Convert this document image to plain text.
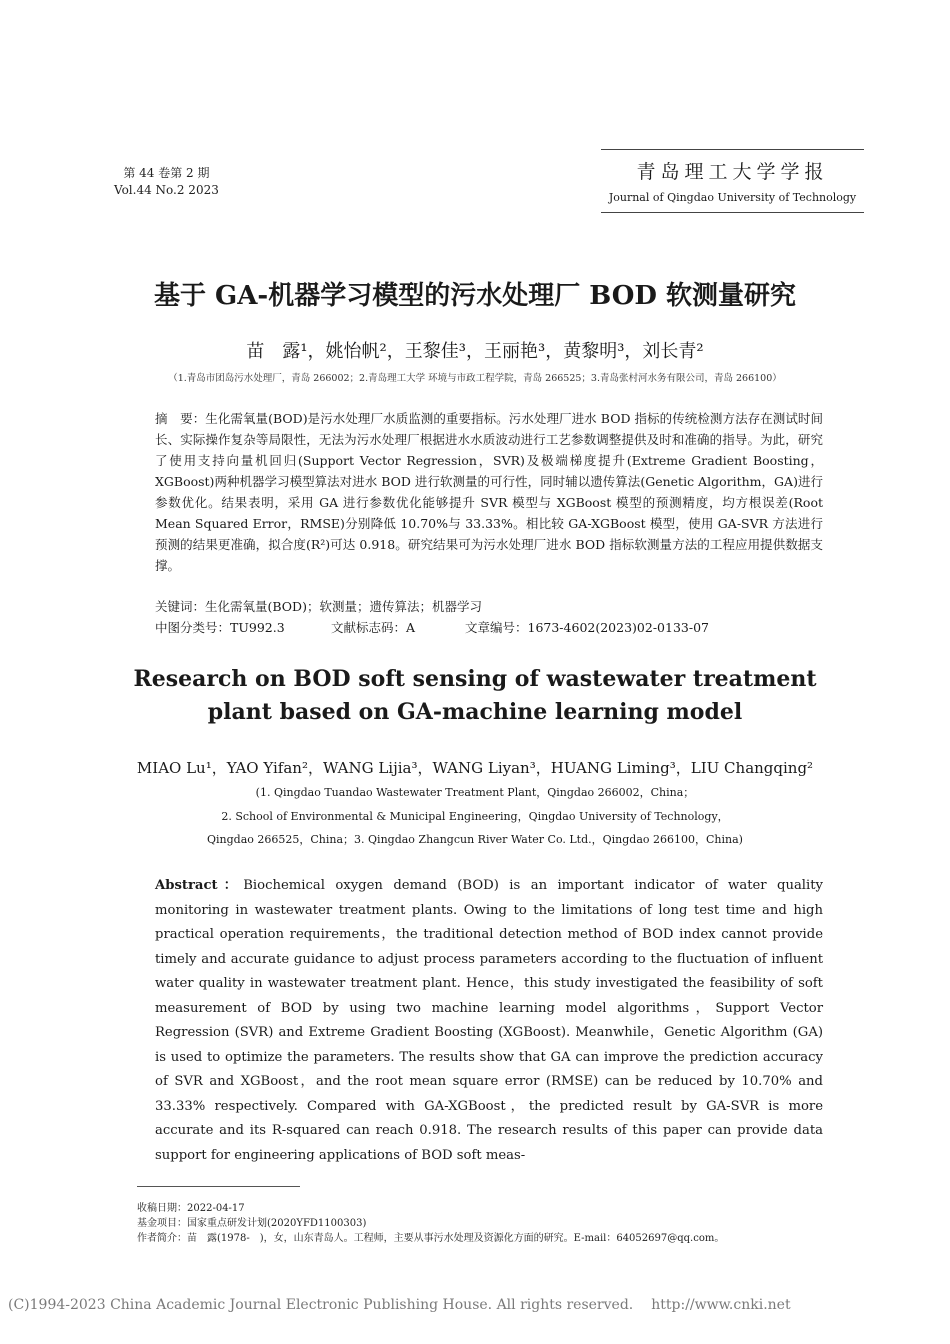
第 44 卷第 2 期
Vol.44 No.2 2023
青岛理工大学学报
Journal of Qingdao University of Technology
基于 GA-机器学习模型的污水处理厂 BOD 软测量研究
苗　露¹，姚怡帆²，王黎佳³，王丽艳³，黄黎明³，刘长青²
（1.青岛市团岛污水处理厂，青岛 266002；2.青岛理工大学 环境与市政工程学院，青岛 266525；3.青岛张村河水务有限公司，青岛 266100）

摘　要：生化需氧量(BOD)是污水处理厂水质监测的重要指标。污水处理厂进水 BOD 指标的传统检测方法存在测试时间长、实际操作复杂等局限性，无法为污水处理厂根据进水水质波动进行工艺参数调整提供及时和准确的指导。为此，研究了使用支持向量机回归(Support Vector Regression，SVR)及极端梯度提升(Extreme Gradient Boosting，XGBoost)两种机器学习模型算法对进水 BOD 进行软测量的可行性，同时辅以遗传算法(Genetic Algorithm，GA)进行参数优化。结果表明，采用 GA 进行参数优化能够提升 SVR 模型与 XGBoost 模型的预测精度，均方根误差(Root Mean Squared Error，RMSE)分别降低 10.70%与 33.33%。相比较 GA-XGBoost 模型，使用 GA-SVR 方法进行预测的结果更准确，拟合度(R²)可达 0.918。研究结果可为污水处理厂进水 BOD 指标软测量方法的工程应用提供数据支撑。

关键词：生化需氧量(BOD)；软测量；遗传算法；机器学习
中图分类号：TU992.3	文献标志码：A	文章编号：1673-4602(2023)02-0133-07
Research on BOD soft sensing of wastewater treatment
plant based on GA-machine learning model
MIAO Lu¹，YAO Yifan²，WANG Lijia³，WANG Liyan³，HUANG Liming³，LIU Changqing²
(1. Qingdao Tuandao Wastewater Treatment Plant，Qingdao 266002，China；
2. School of Environmental & Municipal Engineering，Qingdao University of Technology，
Qingdao 266525，China；3. Qingdao Zhangcun River Water Co. Ltd.，Qingdao 266100，China)

Abstract：Biochemical oxygen demand (BOD) is an important indicator of water quality monitoring in wastewater treatment plants. Owing to the limitations of long test time and high practical operation requirements，the traditional detection method of BOD index cannot provide timely and accurate guidance to adjust process parameters according to the fluctuation of influent water quality in wastewater treatment plant. Hence，this study investigated the feasibility of soft measurement of BOD by using two machine learning model algorithms，Support Vector Regression (SVR) and Extreme Gradient Boosting (XGBoost). Meanwhile，Genetic Algorithm (GA) is used to optimize the parameters. The results show that GA can improve the prediction accuracy of SVR and XGBoost，and the root mean square error (RMSE) can be reduced by 10.70% and 33.33% respectively. Compared with GA-XGBoost，the predicted result by GA-SVR is more accurate and its R-squared can reach 0.918. The research results of this paper can provide data support for engineering applications of BOD soft meas-

收稿日期：2022-04-17
基金项目：国家重点研发计划(2020YFD1100303)
作者简介：苗　露(1978-　)，女，山东青岛人。工程师，主要从事污水处理及资源化方面的研究。E-mail：64052697@qq.com。
(C)1994-2023 China Academic Journal Electronic Publishing House. All rights reserved. http://www.cnki.net
